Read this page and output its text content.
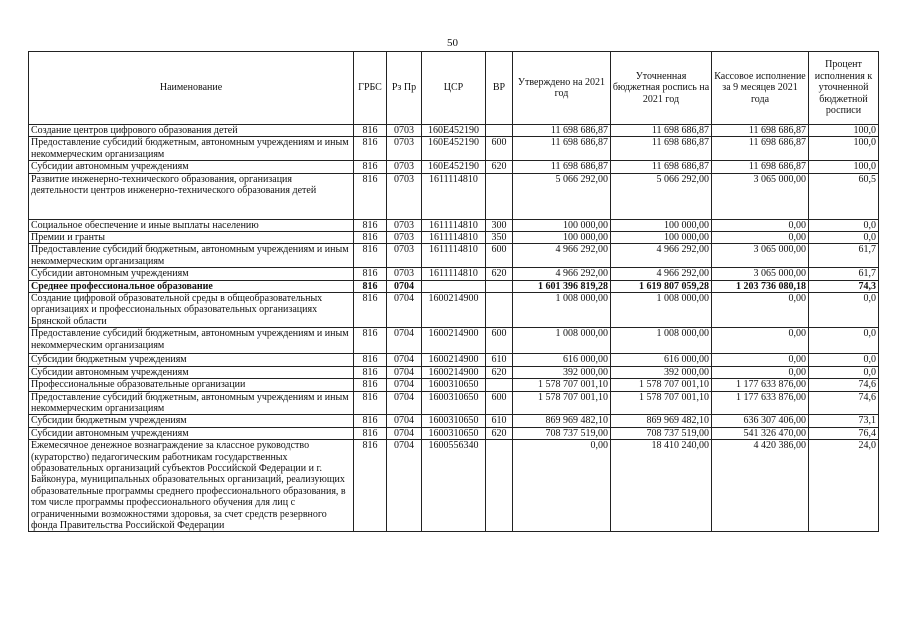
50
Наименование	ГРБС	Рз Пр	ЦСР	ВР	Утверждено на 2021 год	Уточненная бюджетная роспись на 2021 год	Кассовое исполнение за 9 месяцев 2021 года	Процент исполнения к уточненной бюджетной росписи
Создание центров цифрового образования детей	816	0703	160E452190		11 698 686,87	11 698 686,87	11 698 686,87	100,0
Предоставление субсидий бюджетным, автономным учреждениям и иным некоммерческим организациям	816	0703	160E452190	600	11 698 686,87	11 698 686,87	11 698 686,87	100,0
Субсидии автономным учреждениям	816	0703	160E452190	620	11 698 686,87	11 698 686,87	11 698 686,87	100,0
Развитие инженерно-технического образования, организация деятельности центров инженерно-технического образования детей	816	0703	1611114810		5 066 292,00	5 066 292,00	3 065 000,00	60,5
Социальное обеспечение и иные выплаты населению	816	0703	1611114810	300	100 000,00	100 000,00	0,00	0,0
Премии и гранты	816	0703	1611114810	350	100 000,00	100 000,00	0,00	0,0
Предоставление субсидий бюджетным, автономным учреждениям и иным некоммерческим организациям	816	0703	1611114810	600	4 966 292,00	4 966 292,00	3 065 000,00	61,7
Субсидии автономным учреждениям	816	0703	1611114810	620	4 966 292,00	4 966 292,00	3 065 000,00	61,7
Среднее профессиональное образование	816	0704			1 601 396 819,28	1 619 807 059,28	1 203 736 080,18	74,3
Создание цифровой образовательной среды в общеобразовательных организациях и профессиональных образовательных организациях Брянской области	816	0704	1600214900		1 008 000,00	1 008 000,00	0,00	0,0
Предоставление субсидий бюджетным, автономным учреждениям и иным некоммерческим организациям	816	0704	1600214900	600	1 008 000,00	1 008 000,00	0,00	0,0
Субсидии бюджетным учреждениям	816	0704	1600214900	610	616 000,00	616 000,00	0,00	0,0
Субсидии автономным учреждениям	816	0704	1600214900	620	392 000,00	392 000,00	0,00	0,0
Профессиональные образовательные организации	816	0704	1600310650		1 578 707 001,10	1 578 707 001,10	1 177 633 876,00	74,6
Предоставление субсидий бюджетным, автономным учреждениям и иным некоммерческим организациям	816	0704	1600310650	600	1 578 707 001,10	1 578 707 001,10	1 177 633 876,00	74,6
Субсидии бюджетным учреждениям	816	0704	1600310650	610	869 969 482,10	869 969 482,10	636 307 406,00	73,1
Субсидии автономным учреждениям	816	0704	1600310650	620	708 737 519,00	708 737 519,00	541 326 470,00	76,4
Ежемесячное денежное вознаграждение за классное руководство (кураторство) педагогическим работникам государственных образовательных организаций субъектов Российской Федерации и г. Байконура, муниципальных образовательных организаций, реализующих образовательные программы среднего профессионального образования, в том числе программы профессионального обучения для лиц с ограниченными возможностями здоровья, за счет средств резервного фонда Правительства Российской Федерации	816	0704	1600556340		0,00	18 410 240,00	4 420 386,00	24,0
